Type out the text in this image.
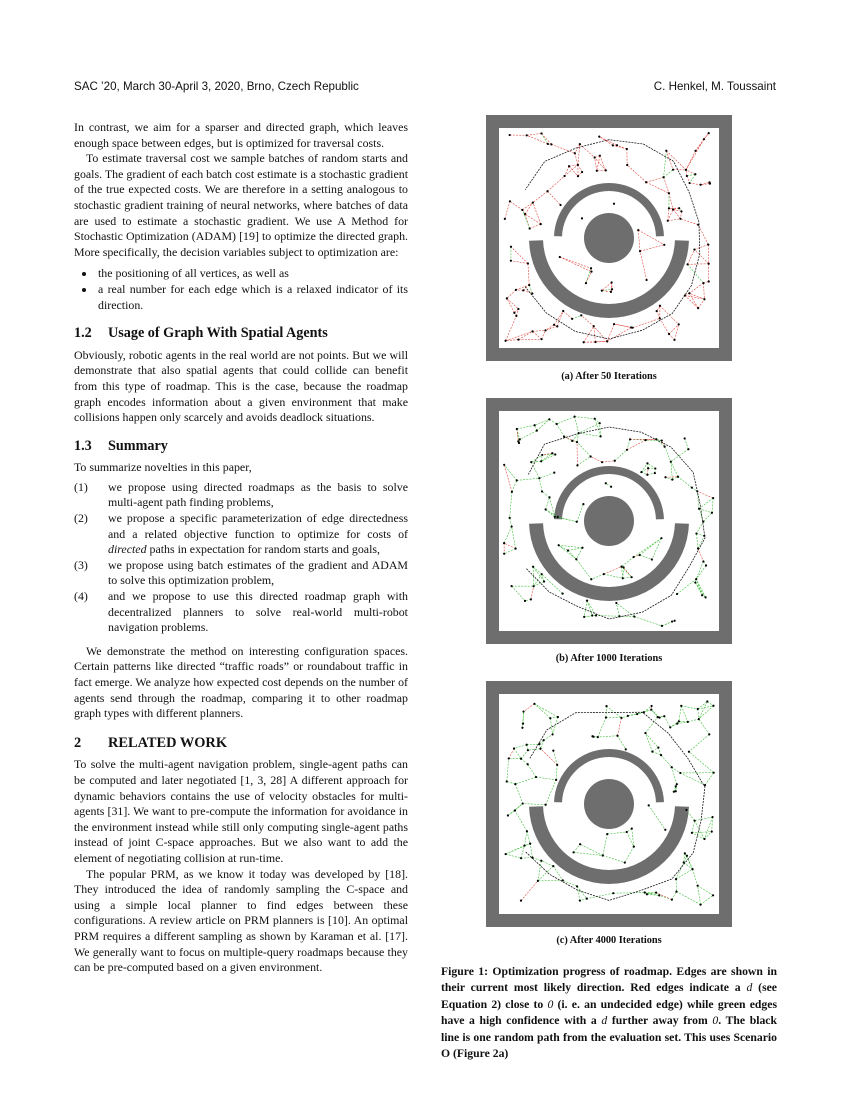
SAC ’20, March 30-April 3, 2020, Brno, Czech Republic	C. Henkel, M. Toussaint

In contrast, we aim for a sparser and directed graph, which leaves enough space between edges, but is optimized for traversal costs.

To estimate traversal cost we sample batches of random starts and goals. The gradient of each batch cost estimate is a stochastic gradient of the true expected costs. We are therefore in a setting analogous to stochastic gradient training of neural networks, where batches of data are used to estimate a stochastic gradient. We use A Method for Stochastic Optimization (ADAM) [19] to optimize the directed graph. More specifically, the decision variables subject to optimization are:

• the positioning of all vertices, as well as
• a real number for each edge which is a relaxed indicator of its direction.
1.2 Usage of Graph With Spatial Agents

Obviously, robotic agents in the real world are not points. But we will demonstrate that also spatial agents that could collide can benefit from this type of roadmap. This is the case, because the roadmap graph encodes information about a given environment that make collisions happen only scarcely and avoids deadlock situations.

1.3 Summary

To summarize novelties in this paper,

(1)	we propose using directed roadmaps as the basis to solve multi-agent path finding problems,
(2)	we propose a specific parameterization of edge directedness and a related objective function to optimize for costs of directed paths in expectation for random starts and goals,
(3)	we propose using batch estimates of the gradient and ADAM to solve this optimization problem,
(4)	and we propose to use this directed roadmap graph with decentralized planners to solve real-world multi-robot navigation problems.

We demonstrate the method on interesting configuration spaces. Certain patterns like directed “traffic roads” or roundabout traffic in fact emerge. We analyze how expected cost depends on the number of agents send through the roadmap, comparing it to other roadmap graph types with different planners.

2 RELATED WORK

To solve the multi-agent navigation problem, single-agent paths can be computed and later negotiated [1, 3, 28] A different approach for dynamic behaviors contains the use of velocity obstacles for multi-agents [31]. We want to pre-compute the information for avoidance in the environment instead while still only computing single-agent paths instead of joint C-space approaches. But we also want to add the element of negotiating collision at run-time.

The popular PRM, as we know it today was developed by [18]. They introduced the idea of randomly sampling the C-space and using a simple local planner to find edges between these configurations. A review article on PRM planners is [10]. An optimal PRM requires a different sampling as shown by Karaman et al. [17]. We generally want to focus on multiple-query roadmaps because they can be pre-computed based on a given environment.

(a) After 50 Iterations
(b) After 1000 Iterations
(c) After 4000 Iterations
Figure 1: Optimization progress of roadmap. Edges are shown in their current most likely direction. Red edges indicate a d (see Equation 2) close to 0 (i. e. an undecided edge) while green edges have a high confidence with a d further away from 0. The black line is one random path from the evaluation set. This uses Scenario O (Figure 2a)
